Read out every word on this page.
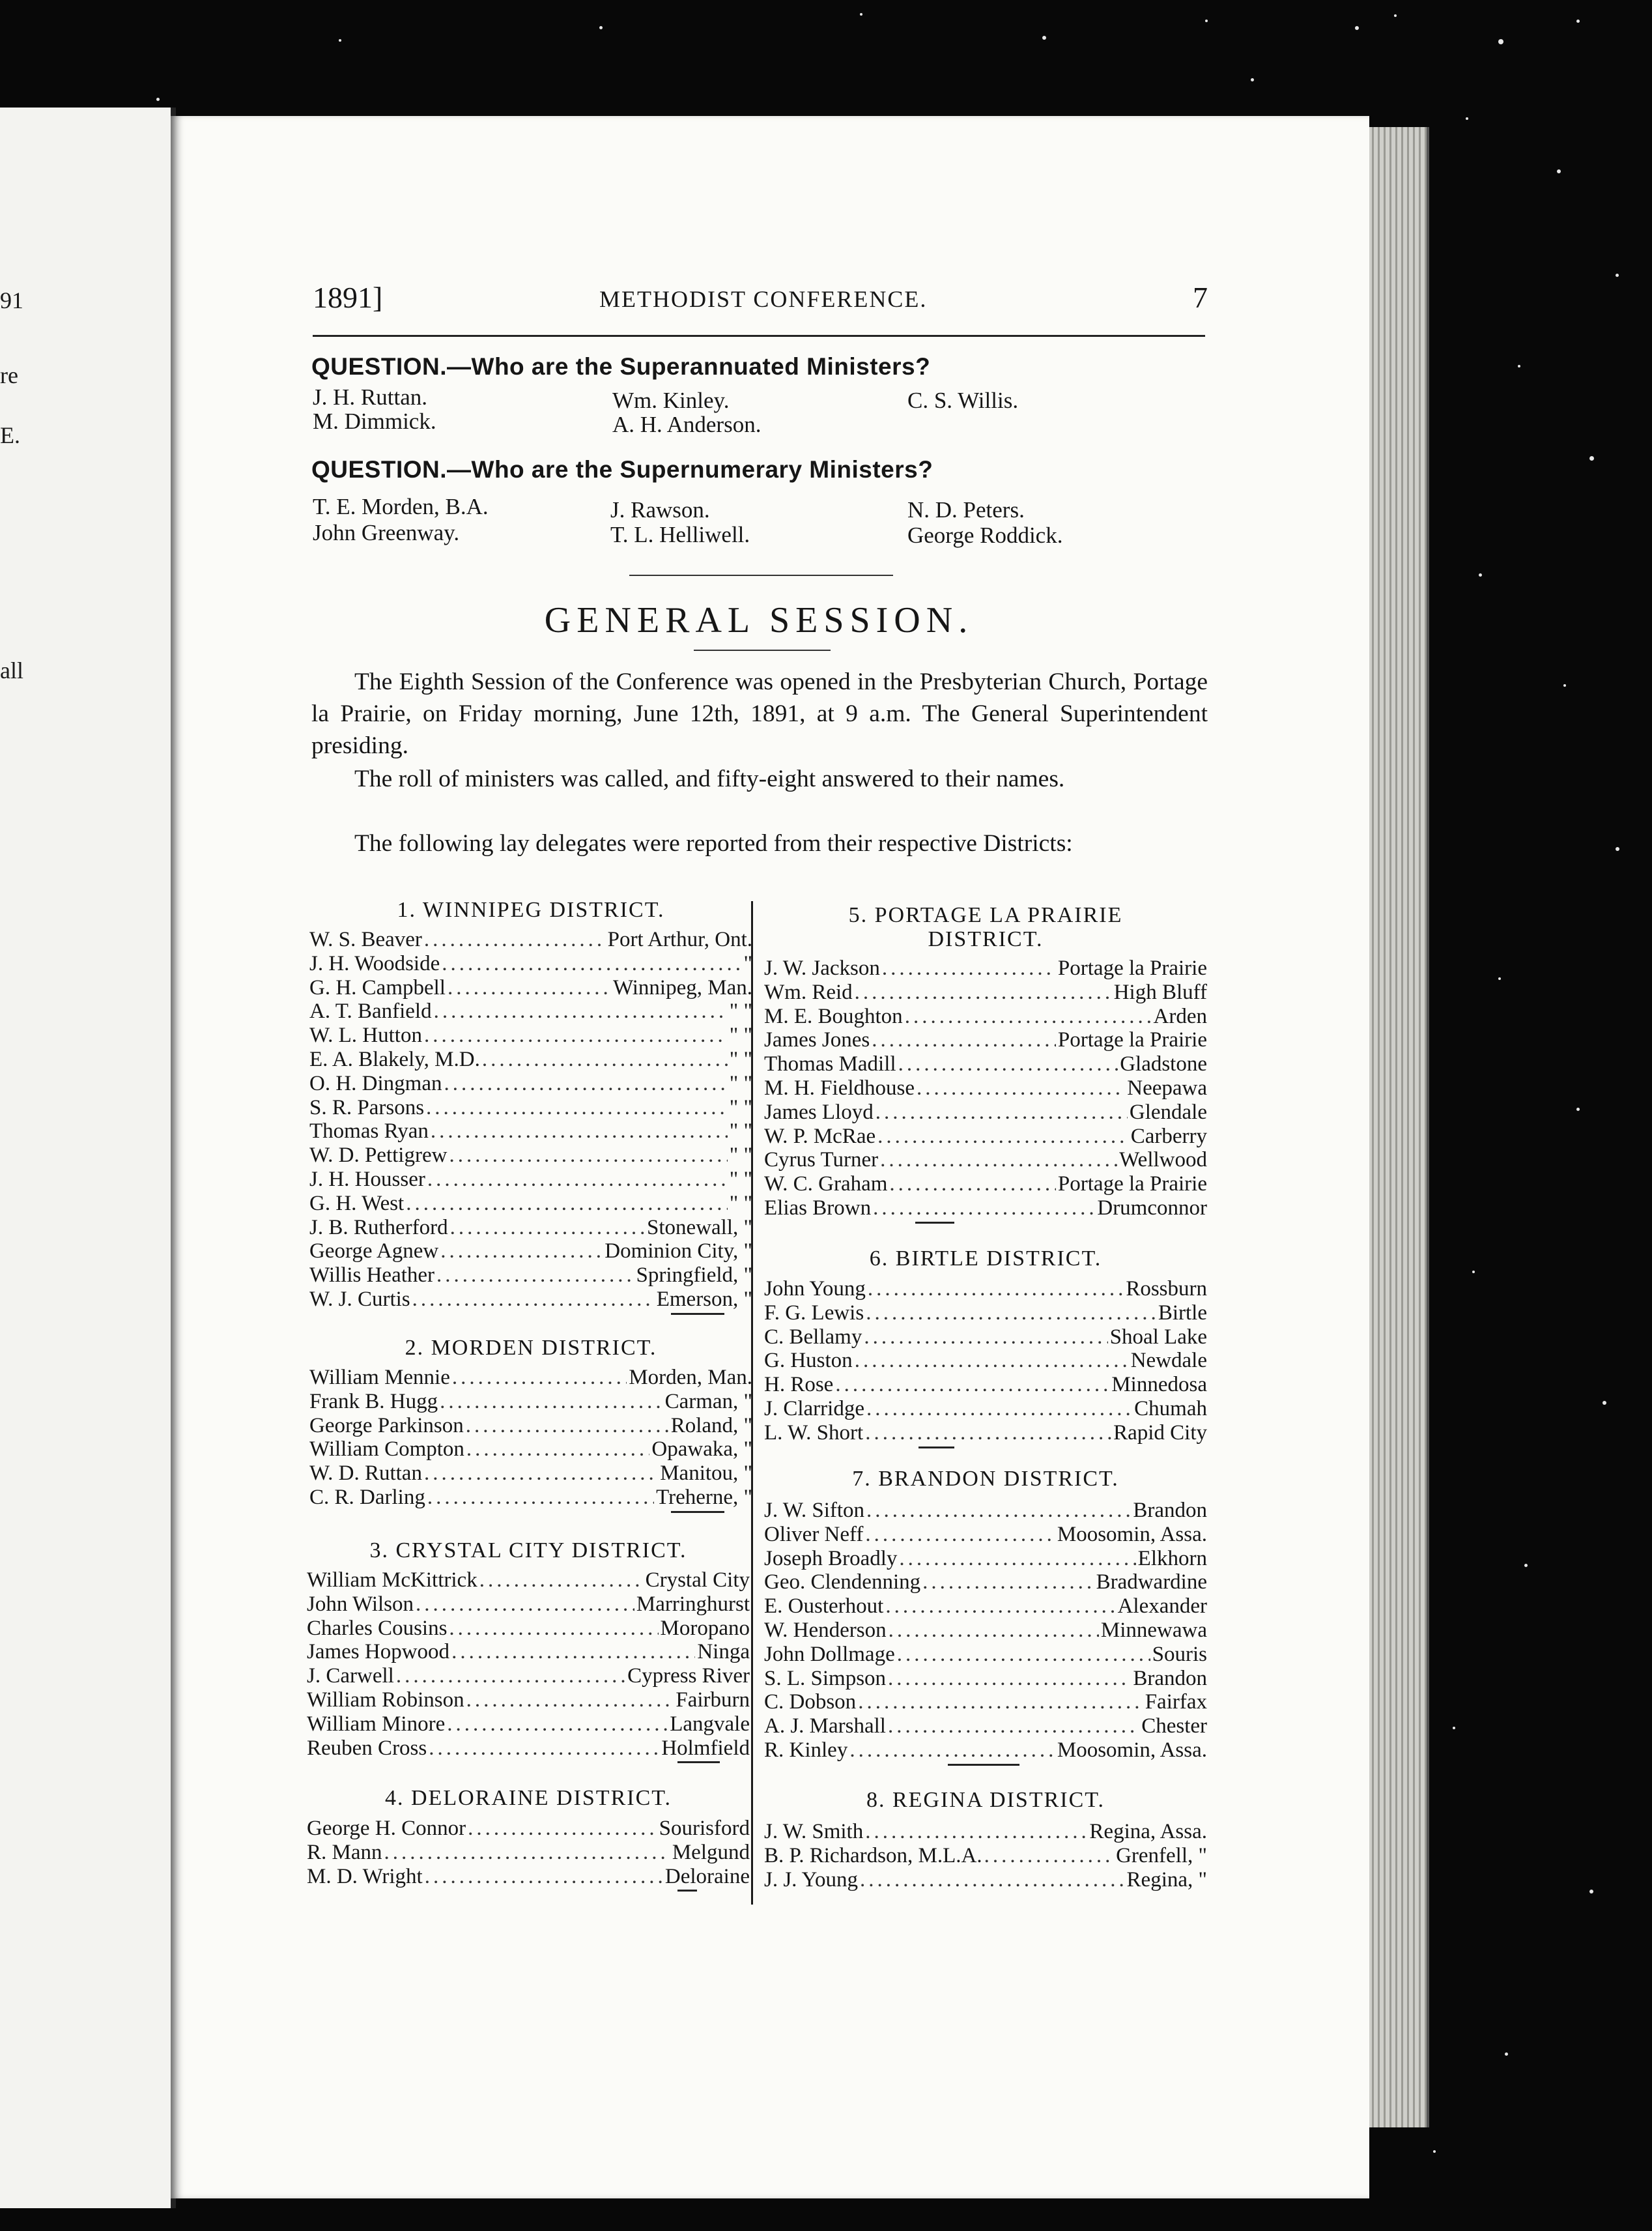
91
re
E.
all
1891]	METHODIST CONFERENCE.	7
QUESTION.—Who are the Superannuated Ministers?
J. H. Ruttan.	Wm. Kinley.	C. S. Willis.
M. Dimmick.	A. H. Anderson.
QUESTION.—Who are the Supernumerary Ministers?
T. E. Morden, B.A.	J. Rawson.	N. D. Peters.
John Greenway.	T. L. Helliwell.	George Roddick.
GENERAL SESSION.

The Eighth Session of the Conference was opened in the Presbyterian Church, Portage la Prairie, on Friday morning, June 12th, 1891, at 9 a.m. The General Superintendent presiding.

The roll of ministers was called, and fifty-eight answered to their names.

The following lay delegates were reported from their respective Districts:

1. WINNIPEG DISTRICT.
W. S. Beaver .....	Port Arthur, Ont.
J. H. Woodside .....	"
G. H. Campbell .....	Winnipeg, Man.
A. T. Banfield .....	" "
W. L. Hutton .....	" "
E. A. Blakely, M.D. .....	" "
O. H. Dingman .....	" "
S. R. Parsons .....	" "
Thomas Ryan .....	" "
W. D. Pettigrew .....	" "
J. H. Housser .....	" "
G. H. West .....	" "
J. B. Rutherford .....	Stonewall, "
George Agnew .....	Dominion City, "
Willis Heather .....	Springfield, "
W. J. Curtis .....	Emerson, "
2. MORDEN DISTRICT.
William Mennie .....	Morden, Man.
Frank B. Hugg .....	Carman, "
George Parkinson .....	Roland, "
William Compton .....	Opawaka, "
W. D. Ruttan .....	Manitou, "
C. R. Darling .....	Treherne, "
3. CRYSTAL CITY DISTRICT.
William McKittrick .....	Crystal City
John Wilson .....	Marringhurst
Charles Cousins .....	Moropano
James Hopwood .....	Ninga
J. Carwell .....	Cypress River
William Robinson .....	Fairburn
William Minore .....	Langvale
Reuben Cross .....	Holmfield
4. DELORAINE DISTRICT.
George H. Connor .....	Sourisford
R. Mann .....	Melgund
M. D. Wright .....	Deloraine
5. PORTAGE LA PRAIRIE
DISTRICT.
J. W. Jackson .....	Portage la Prairie
Wm. Reid .....	High Bluff
M. E. Boughton .....	Arden
James Jones .....	Portage la Prairie
Thomas Madill .....	Gladstone
M. H. Fieldhouse .....	Neepawa
James Lloyd .....	Glendale
W. P. McRae .....	Carberry
Cyrus Turner .....	Wellwood
W. C. Graham .....	Portage la Prairie
Elias Brown .....	Drumconnor
6. BIRTLE DISTRICT.
John Young .....	Rossburn
F. G. Lewis .....	Birtle
C. Bellamy .....	Shoal Lake
G. Huston .....	Newdale
H. Rose .....	Minnedosa
J. Clarridge .....	Chumah
L. W. Short .....	Rapid City
7. BRANDON DISTRICT.
J. W. Sifton .....	Brandon
Oliver Neff .....	Moosomin, Assa.
Joseph Broadly .....	Elkhorn
Geo. Clendenning .....	Bradwardine
E. Ousterhout .....	Alexander
W. Henderson .....	Minnewawa
John Dollmage .....	Souris
S. L. Simpson .....	Brandon
C. Dobson .....	Fairfax
A. J. Marshall .....	Chester
R. Kinley .....	Moosomin, Assa.
8. REGINA DISTRICT.
J. W. Smith .....	Regina, Assa.
B. P. Richardson, M.L.A. .....	Grenfell, "
J. J. Young .....	Regina, "
